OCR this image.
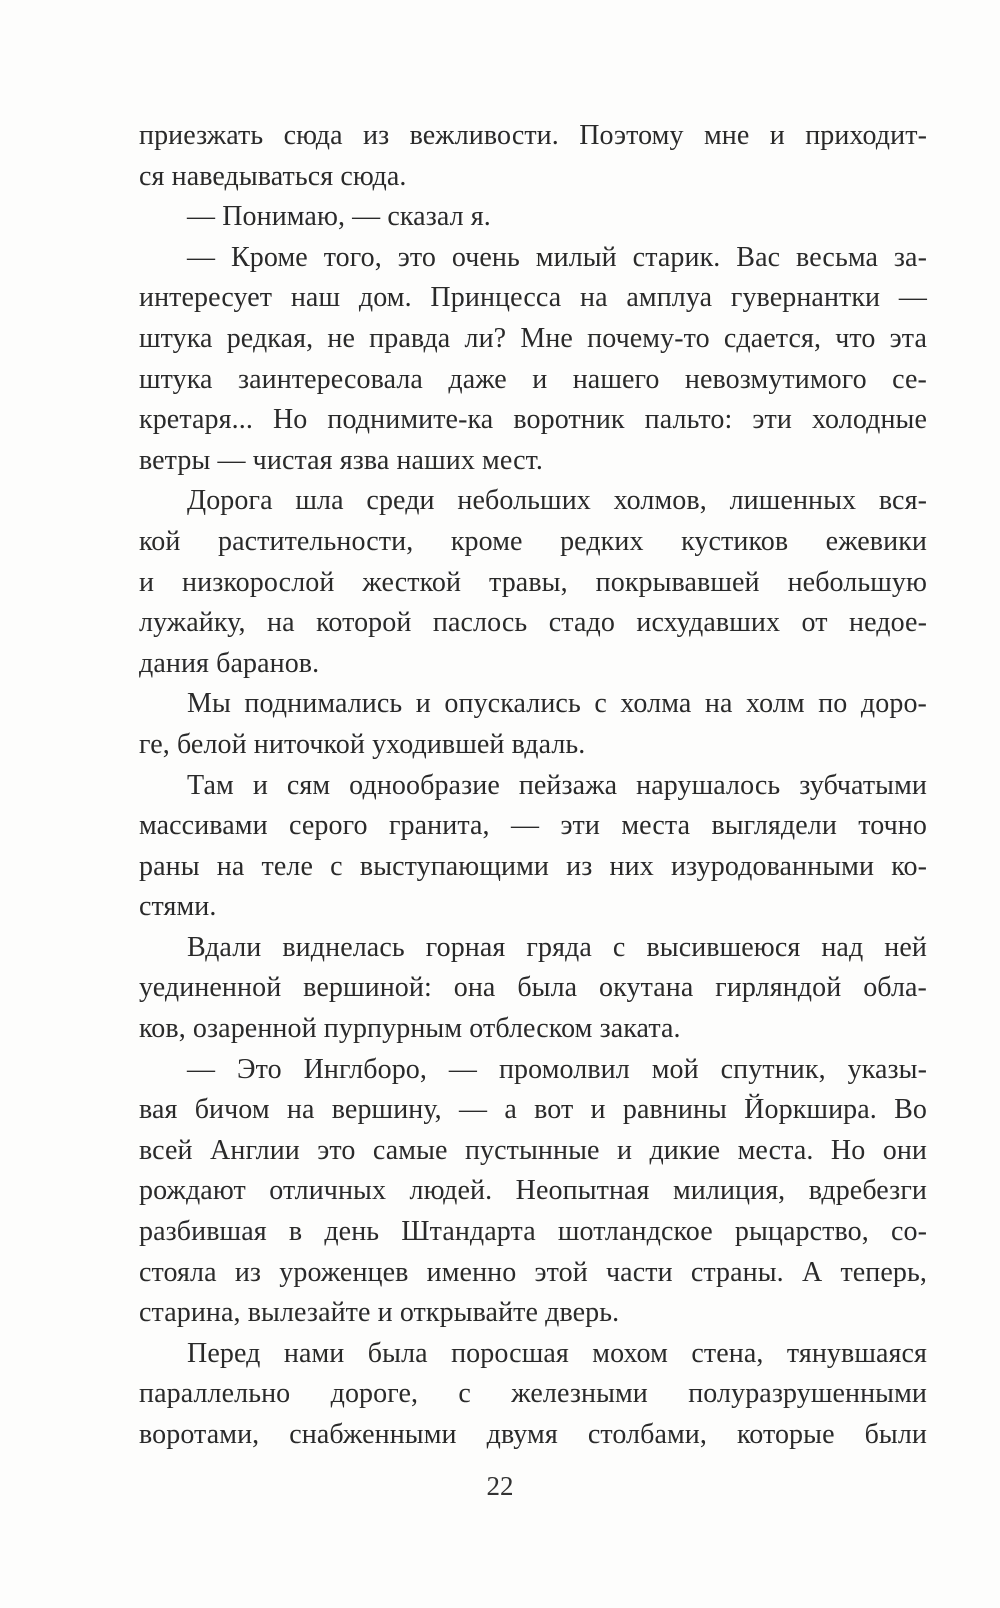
приезжать сюда из вежливости. Поэтому мне и приходит-
ся наведываться сюда.
— Понимаю, — сказал я.
— Кроме того, это очень милый старик. Вас весьма за-
интересует наш дом. Принцесса на амплуа гувернантки —
штука редкая, не правда ли? Мне почему-то сдается, что эта
штука заинтересовала даже и нашего невозмутимого се-
кретаря... Но поднимите-ка воротник пальто: эти холодные
ветры — чистая язва наших мест.
Дорога шла среди небольших холмов, лишенных вся-
кой растительности, кроме редких кустиков ежевики
и низкорослой жесткой травы, покрывавшей небольшую
лужайку, на которой паслось стадо исхудавших от недое-
дания баранов.
Мы поднимались и опускались с холма на холм по доро-
ге, белой ниточкой уходившей вдаль.
Там и сям однообразие пейзажа нарушалось зубчатыми
массивами серого гранита, — эти места выглядели точно
раны на теле с выступающими из них изуродованными ко-
стями.
Вдали виднелась горная гряда с высившеюся над ней
уединенной вершиной: она была окутана гирляндой обла-
ков, озаренной пурпурным отблеском заката.
— Это Инглборо, — промолвил мой спутник, указы-
вая бичом на вершину, — а вот и равнины Йоркшира. Во
всей Англии это самые пустынные и дикие места. Но они
рождают отличных людей. Неопытная милиция, вдребезги
разбившая в день Штандарта шотландское рыцарство, со-
стояла из уроженцев именно этой части страны. А теперь,
старина, вылезайте и открывайте дверь.
Перед нами была поросшая мохом стена, тянувшаяся
параллельно дороге, с железными полуразрушенными
воротами, снабженными двумя столбами, которые были
22
